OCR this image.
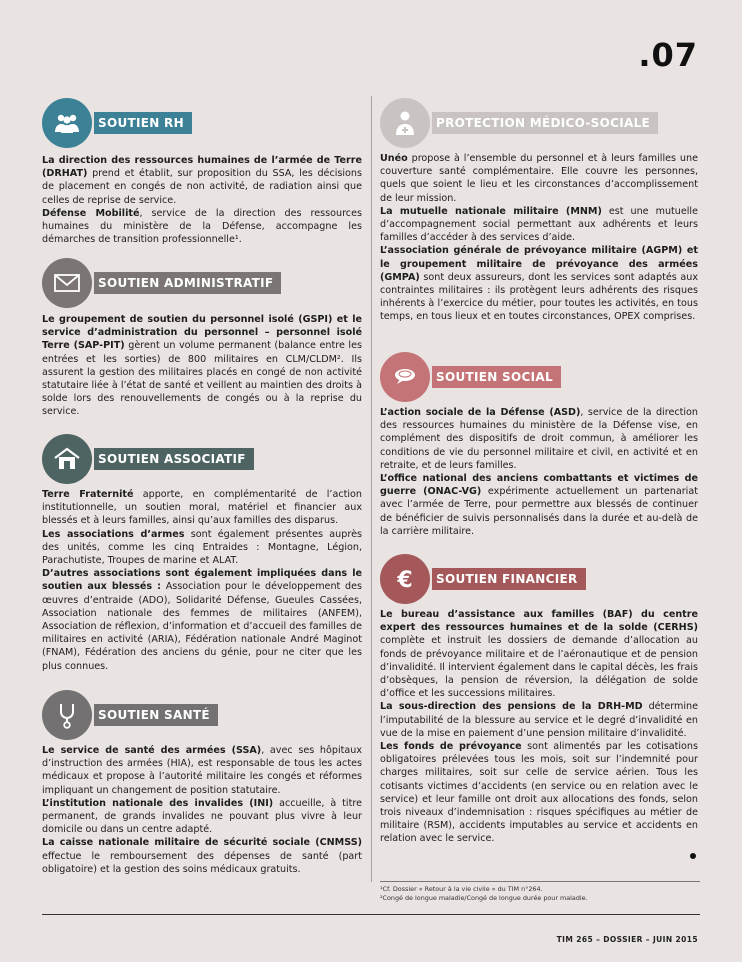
.07
SOUTIEN RH

La direction des ressources humaines de l’armée de Terre (DRHAT) prend et établit, sur proposition du SSA, les décisions de placement en congés de non activité, de radiation ainsi que celles de reprise de service.

Défense Mobilité, service de la direction des ressources humaines du ministère de la Défense, accompagne les démarches de transition professionnelle¹.

SOUTIEN ADMINISTRATIF

Le groupement de soutien du personnel isolé (GSPI) et le service d’administration du personnel – personnel isolé Terre (SAP-PIT) gèrent un volume permanent (balance entre les entrées et les sorties) de 800 militaires en CLM/CLDM². Ils assurent la gestion des militaires placés en congé de non activité statutaire liée à l’état de santé et veillent au maintien des droits à solde lors des renouvellements de congés ou à la reprise du service.

SOUTIEN ASSOCIATIF

Terre Fraternité apporte, en complémentarité de l’action institutionnelle, un soutien moral, matériel et financier aux blessés et à leurs familles, ainsi qu’aux familles des disparus.

Les associations d’armes sont également présentes auprès des unités, comme les cinq Entraides : Montagne, Légion, Parachutiste, Troupes de marine et ALAT.

D’autres associations sont également impliquées dans le soutien aux blessés : Association pour le développement des œuvres d’entraide (ADO), Solidarité Défense, Gueules Cassées, Association nationale des femmes de militaires (ANFEM), Association de réflexion, d’information et d’accueil des familles de militaires en activité (ARIA), Fédération nationale André Maginot (FNAM), Fédération des anciens du génie, pour ne citer que les plus connues.

SOUTIEN SANTÉ

Le service de santé des armées (SSA), avec ses hôpitaux d’instruction des armées (HIA), est responsable de tous les actes médicaux et propose à l’autorité militaire les congés et réformes impliquant un changement de position statutaire.

L’institution nationale des invalides (INI) accueille, à titre permanent, de grands invalides ne pouvant plus vivre à leur domicile ou dans un centre adapté.

La caisse nationale militaire de sécurité sociale (CNMSS) effectue le remboursement des dépenses de santé (part obligatoire) et la gestion des soins médicaux gratuits.

PROTECTION MÉDICO-SOCIALE

Unéo propose à l’ensemble du personnel et à leurs familles une couverture santé complémentaire. Elle couvre les personnes, quels que soient le lieu et les circonstances d’accomplissement de leur mission.

La mutuelle nationale militaire (MNM) est une mutuelle d’accompagnement social permettant aux adhérents et leurs familles d’accéder à des services d’aide.

L’association générale de prévoyance militaire (AGPM) et le groupement militaire de prévoyance des armées (GMPA) sont deux assureurs, dont les services sont adaptés aux contraintes militaires : ils protègent leurs adhérents des risques inhérents à l’exercice du métier, pour toutes les activités, en tous temps, en tous lieux et en toutes circonstances, OPEX comprises.

SOUTIEN SOCIAL

L’action sociale de la Défense (ASD), service de la direction des ressources humaines du ministère de la Défense vise, en complément des dispositifs de droit commun, à améliorer les conditions de vie du personnel militaire et civil, en activité et en retraite, et de leurs familles.

L’office national des anciens combattants et victimes de guerre (ONAC-VG) expérimente actuellement un partenariat avec l’armée de Terre, pour permettre aux blessés de continuer de bénéficier de suivis personnalisés dans la durée et au-delà de la carrière militaire.

€	SOUTIEN FINANCIER

Le bureau d’assistance aux familles (BAF) du centre expert des ressources humaines et de la solde (CERHS) complète et instruit les dossiers de demande d’allocation au fonds de prévoyance militaire et de l’aéronautique et de pension d’invalidité. Il intervient également dans le capital décès, les frais d’obsèques, la pension de réversion, la délégation de solde d’office et les successions militaires.

La sous-direction des pensions de la DRH-MD détermine l’imputabilité de la blessure au service et le degré d’invalidité en vue de la mise en paiement d’une pension militaire d’invalidité.

Les fonds de prévoyance sont alimentés par les cotisations obligatoires prélevées tous les mois, soit sur l’indemnité pour charges militaires, soit sur celle de service aérien. Tous les cotisants victimes d’accidents (en service ou en relation avec le service) et leur famille ont droit aux allocations des fonds, selon trois niveaux d’indemnisation : risques spécifiques au métier de militaire (RSM), accidents imputables au service et accidents en relation avec le service.

¹Cf. Dossier « Retour à la vie civile » du TIM n°264.

²Congé de longue maladie/Congé de longue durée pour maladie.

TIM 265 – DOSSIER – JUIN 2015
